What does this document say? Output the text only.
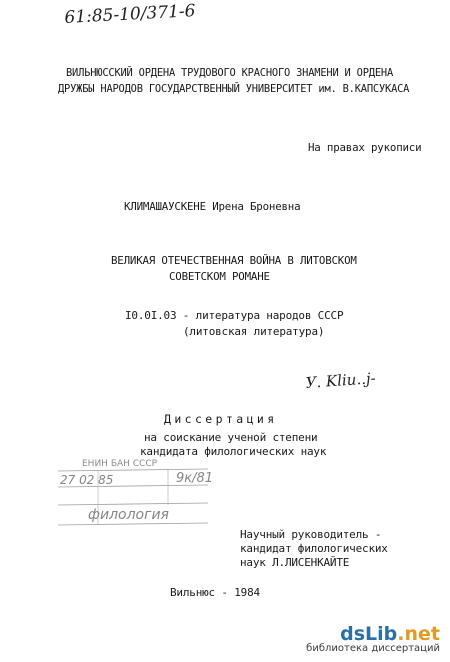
61:85-10/371-6
ВИЛЬНЮССКИЙ ОРДЕНА ТРУДОВОГО КРАСНОГО ЗНАМЕНИ И ОРДЕНА
ДРУЖБЫ НАРОДОВ ГОСУДАРСТВЕННЫЙ УНИВЕРСИТЕТ им. В.КАПСУКАСА
На правах рукописи
КЛИМАШАУСКЕНЕ Ирена Броневна
ВЕЛИКАЯ ОТЕЧЕСТВЕННАЯ ВОЙНА В ЛИТОВСКОМ
СОВЕТСКОМ РОМАНЕ
I0.0I.03 - литература народов СССР
(литовская литература)
У. Kliu..j-
Диссертация
на соискание ученой степени
кандидата филологических наук
ЕНИН БАН СССР
27 02 85	9к/81
филология
Научный руководитель -
кандидат филологических
наук Л.ЛИСЕНКАЙТЕ
Вильнюс - 1984
dsLib.net
библиотека диссертаций
